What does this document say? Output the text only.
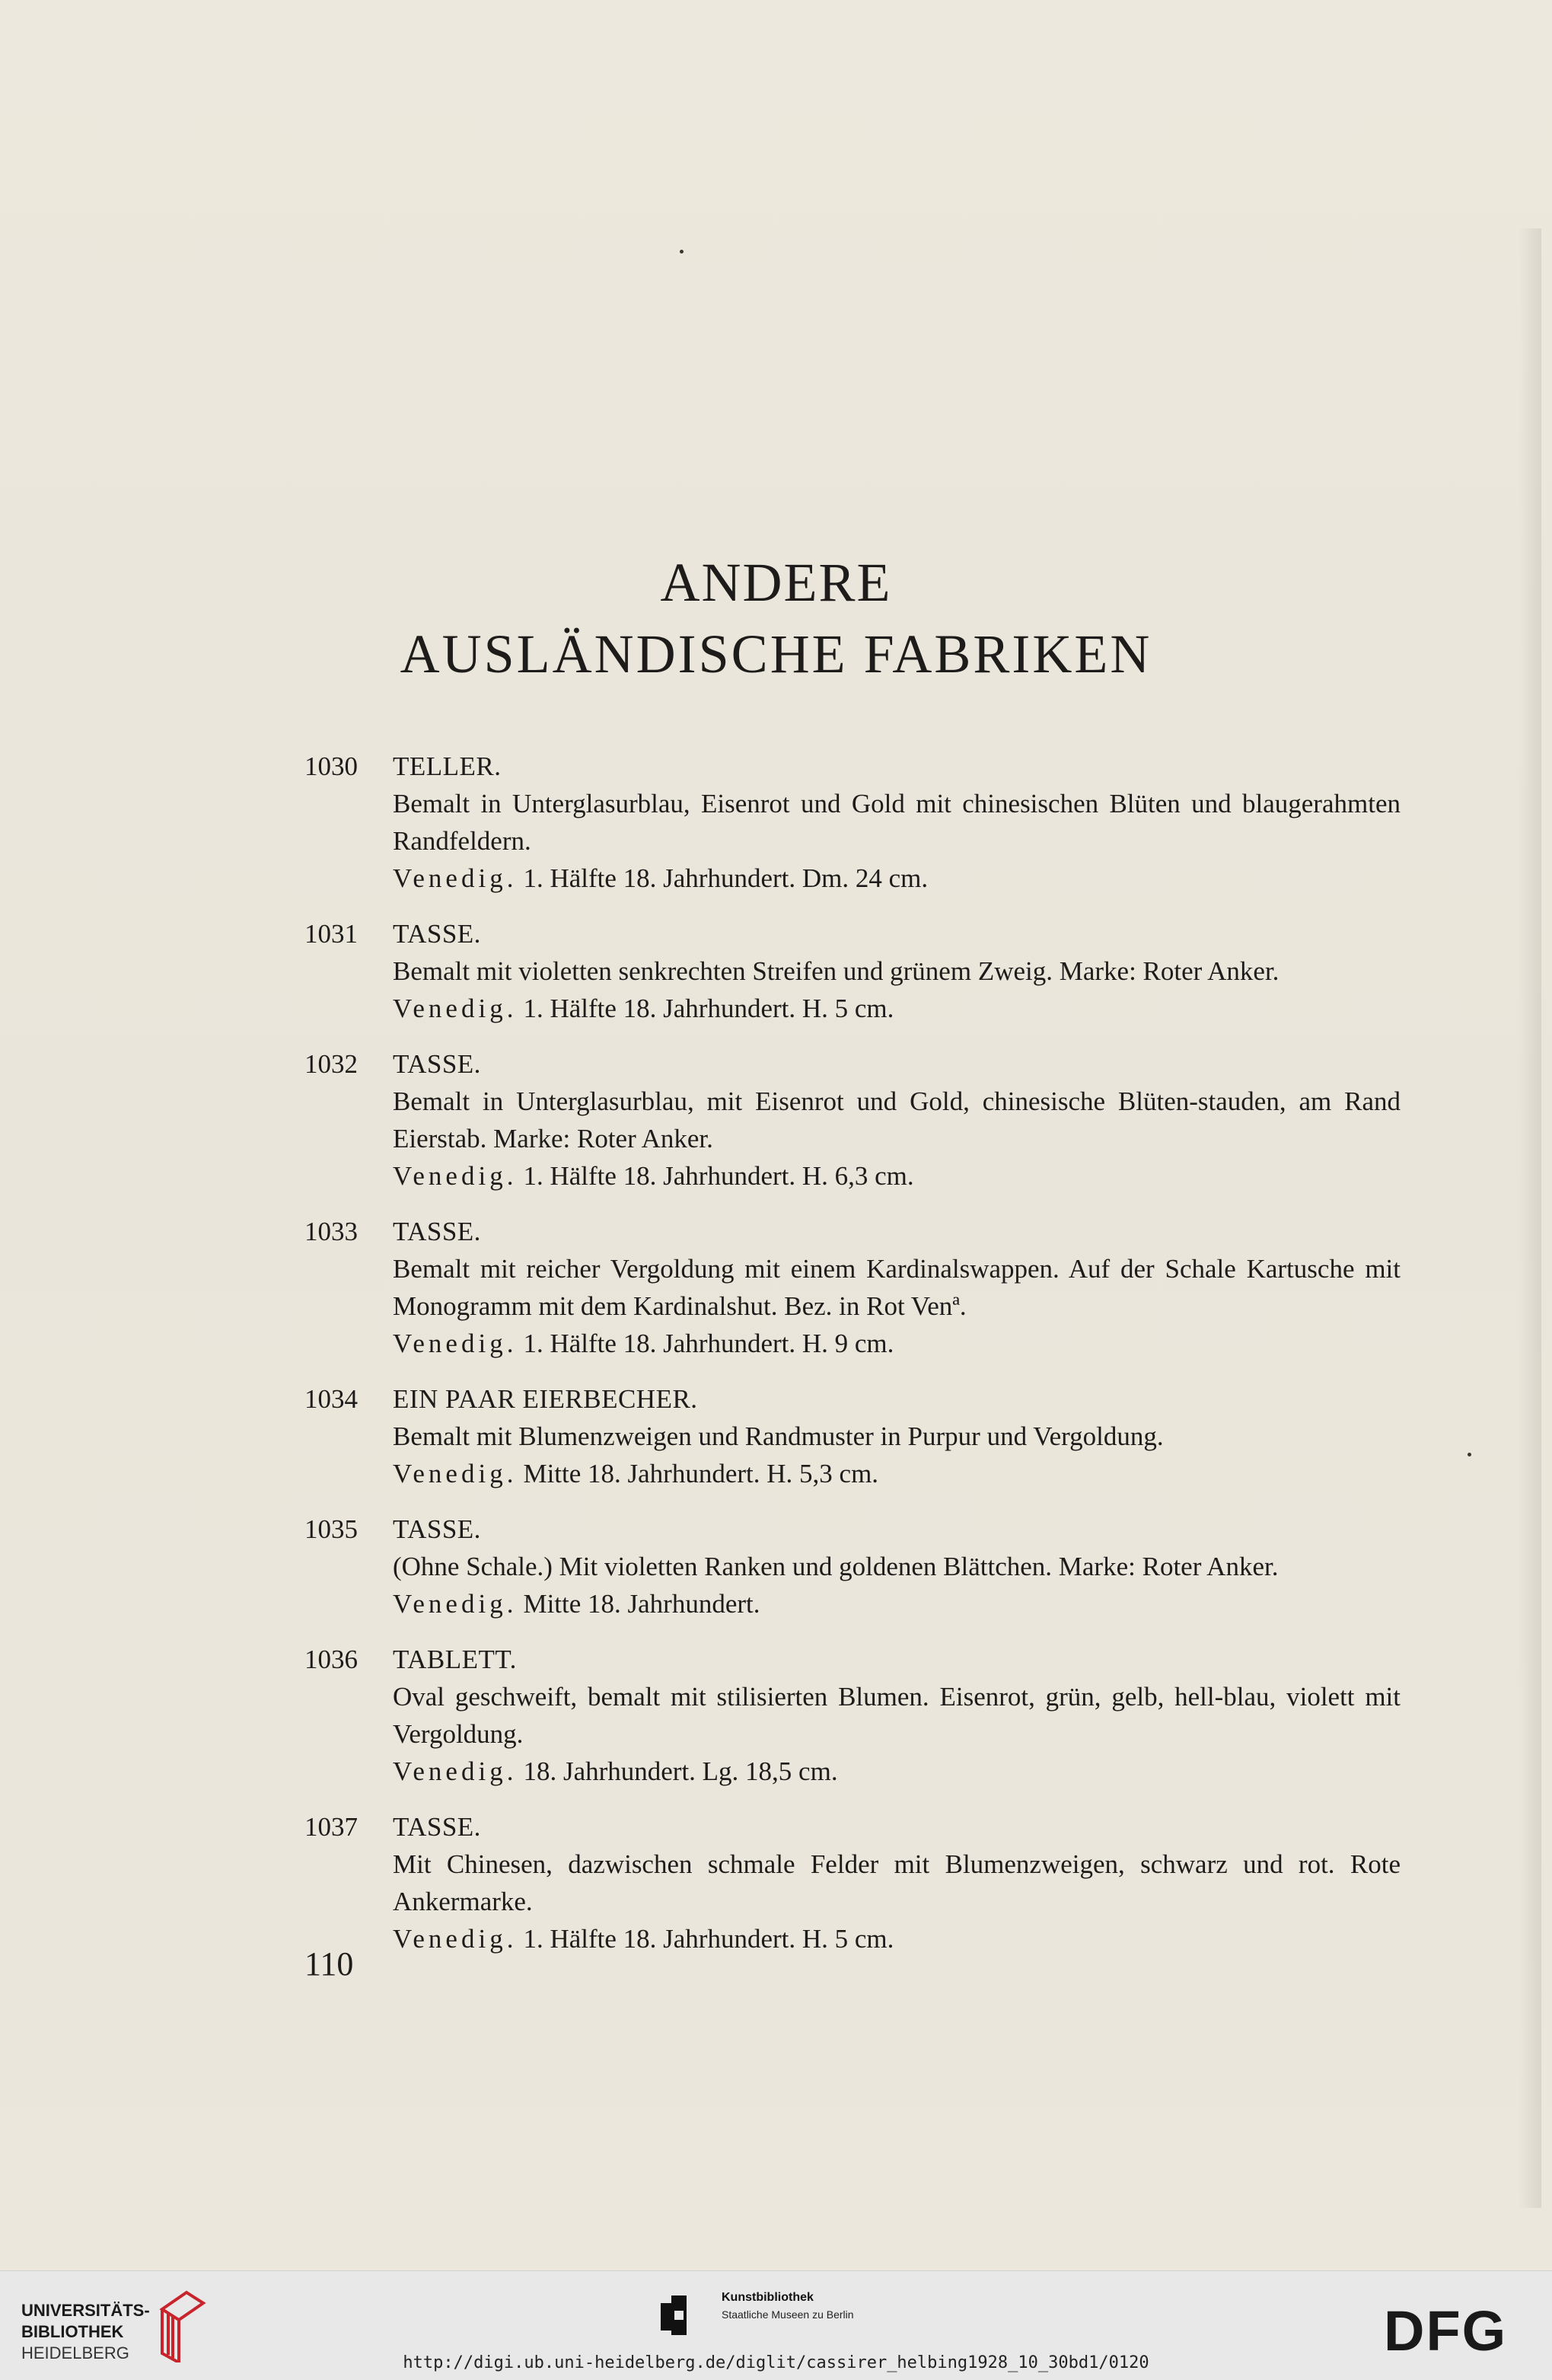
ANDERE
AUSLÄNDISCHE FABRIKEN
1030	TELLER.
Bemalt in Unterglasurblau, Eisenrot und Gold mit chinesischen Blüten und blaugerahmten Randfeldern.
Venedig. 1. Hälfte 18. Jahrhundert. Dm. 24 cm.
1031	TASSE.
Bemalt mit violetten senkrechten Streifen und grünem Zweig. Marke: Roter Anker.
Venedig. 1. Hälfte 18. Jahrhundert. H. 5 cm.
1032	TASSE.
Bemalt in Unterglasurblau, mit Eisenrot und Gold, chinesische Blüten-stauden, am Rand Eierstab. Marke: Roter Anker.
Venedig. 1. Hälfte 18. Jahrhundert. H. 6,3 cm.
1033	TASSE.
Bemalt mit reicher Vergoldung mit einem Kardinalswappen. Auf der Schale Kartusche mit Monogramm mit dem Kardinalshut. Bez. in Rot Venª.
Venedig. 1. Hälfte 18. Jahrhundert. H. 9 cm.
1034	EIN PAAR EIERBECHER.
Bemalt mit Blumenzweigen und Randmuster in Purpur und Vergoldung.
Venedig. Mitte 18. Jahrhundert. H. 5,3 cm.
1035	TASSE.
(Ohne Schale.) Mit violetten Ranken und goldenen Blättchen. Marke: Roter Anker.
Venedig. Mitte 18. Jahrhundert.
1036	TABLETT.
Oval geschweift, bemalt mit stilisierten Blumen. Eisenrot, grün, gelb, hell-blau, violett mit Vergoldung.
Venedig. 18. Jahrhundert. Lg. 18,5 cm.
1037	TASSE.
Mit Chinesen, dazwischen schmale Felder mit Blumenzweigen, schwarz und rot. Rote Ankermarke.
Venedig. 1. Hälfte 18. Jahrhundert. H. 5 cm.
110
UNIVERSITÄTS-
BIBLIOTHEK
HEIDELBERG
Kunstbibliothek
Staatliche Museen zu Berlin	DFG
http://digi.ub.uni-heidelberg.de/diglit/cassirer_helbing1928_10_30bd1/0120
